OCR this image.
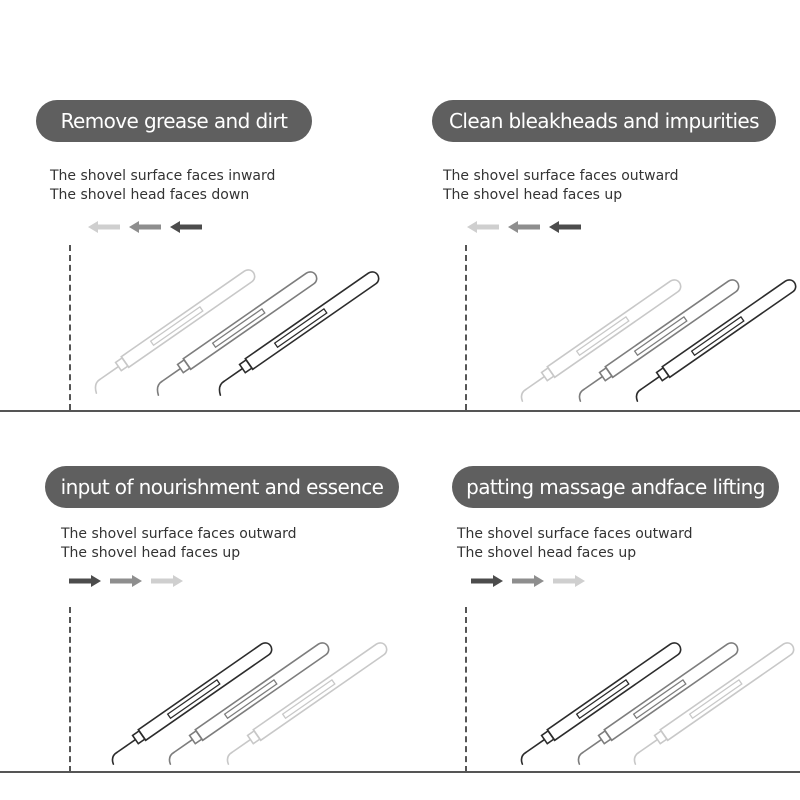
Remove grease and dirt
The shovel surface faces inward
The shovel head faces down
Clean bleakheads and impurities
The shovel surface faces outward
The shovel head faces up
input of nourishment and essence
The shovel surface faces outward
The shovel head faces up
patting massage andface lifting
The shovel surface faces outward
The shovel head faces up
